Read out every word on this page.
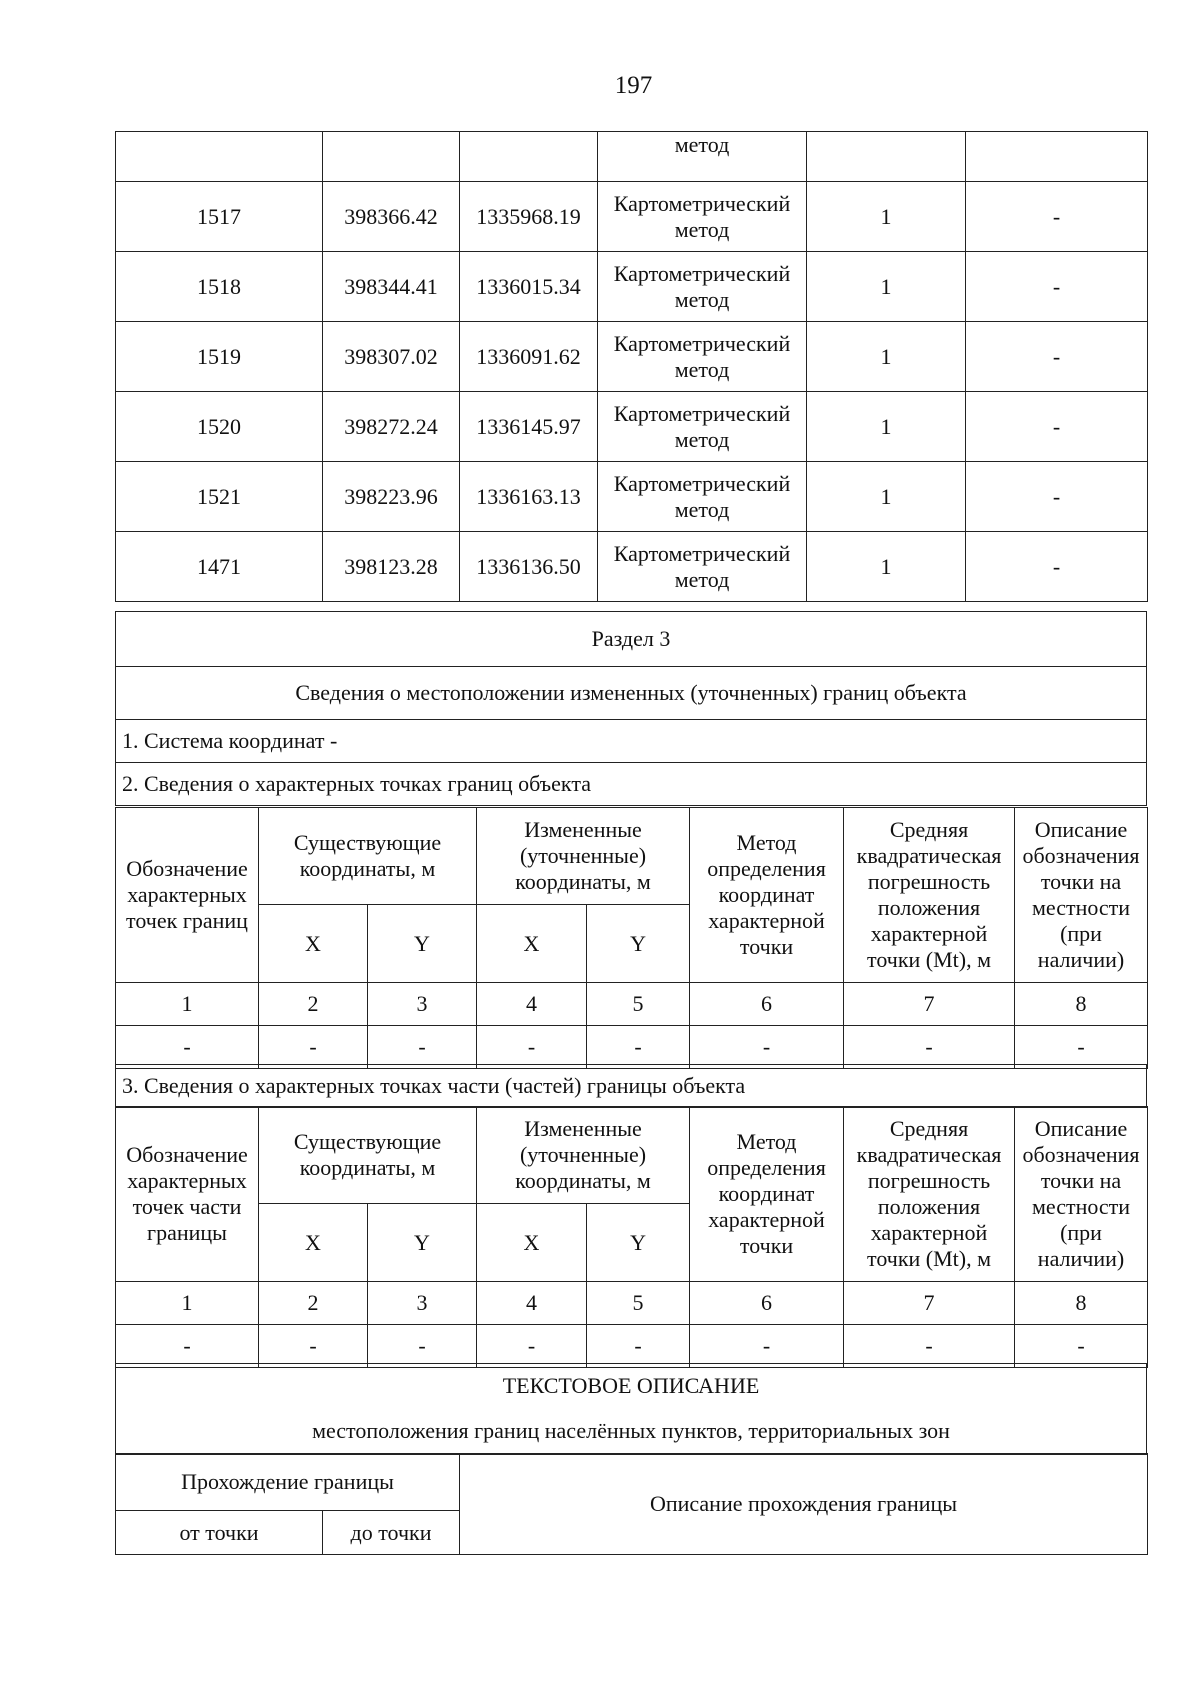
197
			метод		
1517	398366.42	1335968.19	Картометрический метод	1	-
1518	398344.41	1336015.34	Картометрический метод	1	-
1519	398307.02	1336091.62	Картометрический метод	1	-
1520	398272.24	1336145.97	Картометрический метод	1	-
1521	398223.96	1336163.13	Картометрический метод	1	-
1471	398123.28	1336136.50	Картометрический метод	1	-
Раздел 3
Сведения о местоположении измененных (уточненных) границ объекта
1. Система координат -
2. Сведения о характерных точках границ объекта
Обозначение характерных точек границ	Существующие координаты, м		Измененные (уточненные) координаты, м		Метод определения координат характерной точки	Средняя квадратическая погрешность положения характерной точки (Mt), м	Описание обозначения точки на местности (при наличии)
	X	Y	X	Y			
1	2	3	4	5	6	7	8
-	-	-	-	-	-	-	-
3. Сведения о характерных точках части (частей) границы объекта
Обозначение характерных точек части границы	Существующие координаты, м		Измененные (уточненные) координаты, м		Метод определения координат характерной точки	Средняя квадратическая погрешность положения характерной точки (Mt), м	Описание обозначения точки на местности (при наличии)
	X	Y	X	Y			
1	2	3	4	5	6	7	8
-	-	-	-	-	-	-	-
ТЕКСТОВОЕ ОПИСАНИЕ
местоположения границ населённых пунктов, территориальных зон
Прохождение границы		Описание прохождения границы
от точки	до точки	
